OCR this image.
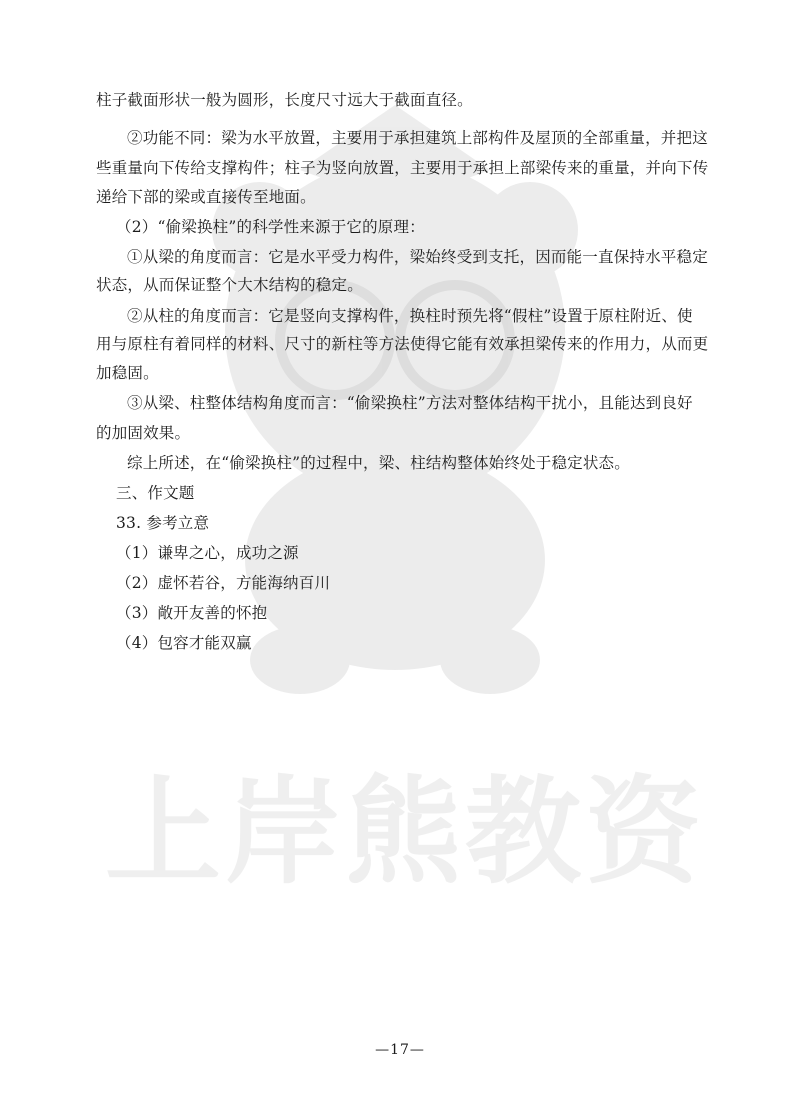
上岸熊教资
柱子截面形状一般为圆形，长度尺寸远大于截面直径。
②功能不同：梁为水平放置，主要用于承担建筑上部构件及屋顶的全部重量，并把这
些重量向下传给支撑构件；柱子为竖向放置，主要用于承担上部梁传来的重量，并向下传
递给下部的梁或直接传至地面。
（2）“偷梁换柱”的科学性来源于它的原理：
①从梁的角度而言：它是水平受力构件，梁始终受到支托，因而能一直保持水平稳定
状态，从而保证整个大木结构的稳定。
②从柱的角度而言：它是竖向支撑构件，换柱时预先将“假柱”设置于原柱附近、使
用与原柱有着同样的材料、尺寸的新柱等方法使得它能有效承担梁传来的作用力，从而更
加稳固。
③从梁、柱整体结构角度而言：“偷梁换柱”方法对整体结构干扰小，且能达到良好
的加固效果。
综上所述，在“偷梁换柱”的过程中，梁、柱结构整体始终处于稳定状态。
三、作文题
33. 参考立意
（1）谦卑之心，成功之源
（2）虚怀若谷，方能海纳百川
（3）敞开友善的怀抱
（4）包容才能双赢
—17—
